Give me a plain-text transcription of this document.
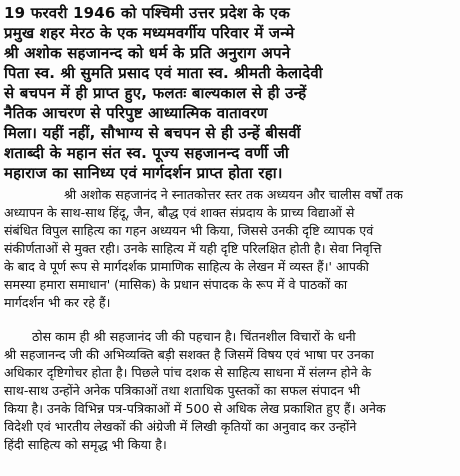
19 फरवरी 1946 को पश्चिमी उत्तर प्रदेश के एक
प्रमुख शहर मेरठ के एक मध्यमवर्गीय परिवार में जन्मे
श्री अशोक सहजानन्द को धर्म के प्रति अनुराग अपने
पिता स्व. श्री सुमति प्रसाद एवं माता स्व. श्रीमती केलादेवी
से बचपन में ही प्राप्त हुए, फलतः बाल्यकाल से ही उन्हें
नैतिक आचरण से परिपुष्ट आध्यात्मिक वातावरण
मिला। यहीं नहीं, सौभाग्य से बचपन से ही उन्हें बीसवीं
शताब्दी के महान संत स्व. पूज्य सहजानन्द वर्णी जी
महाराज का सानिध्य एवं मार्गदर्शन प्राप्त होता रहा।
श्री अशोक सहजानंद ने स्नातकोत्तर स्तर तक अध्ययन और चालीस वर्षों तक
अध्यापन के साथ-साथ हिंदू, जैन, बौद्ध एवं शाक्त संप्रदाय के प्राच्य विद्याओं से
संबंधित विपुल साहित्य का गहन अध्ययन भी किया, जिससे उनकी दृष्टि व्यापक एवं
संकीर्णताओं से मुक्त रही। उनके साहित्य में यही दृष्टि परिलक्षित होती है। सेवा निवृत्ति
के बाद वे पूर्ण रूप से मार्गदर्शक प्रामाणिक साहित्य के लेखन में व्यस्त हैं।' आपकी
समस्या हमारा समाधान' (मासिक) के प्रधान संपादक के रूप में वे पाठकों का
मार्गदर्शन भी कर रहे हैं।
ठोस काम ही श्री सहजानंद जी की पहचान है। चिंतनशील विचारों के धनी
श्री सहजानन्द जी की अभिव्यक्ति बड़ी सशक्त है जिसमें विषय एवं भाषा पर उनका
अधिकार दृष्टिगोचर होता है। पिछले पांच दशक से साहित्य साधना में संलग्न होने के
साथ-साथ उन्होंने अनेक पत्रिकाओं तथा शताधिक पुस्तकों का सफल संपादन भी
किया है। उनके विभिन्न पत्र-पत्रिकाओं में 500 से अधिक लेख प्रकाशित हुए हैं। अनेक
विदेशी एवं भारतीय लेखकों की अंग्रेजी में लिखी कृतियों का अनुवाद कर उन्होंने
हिंदी साहित्य को समृद्ध भी किया है।
